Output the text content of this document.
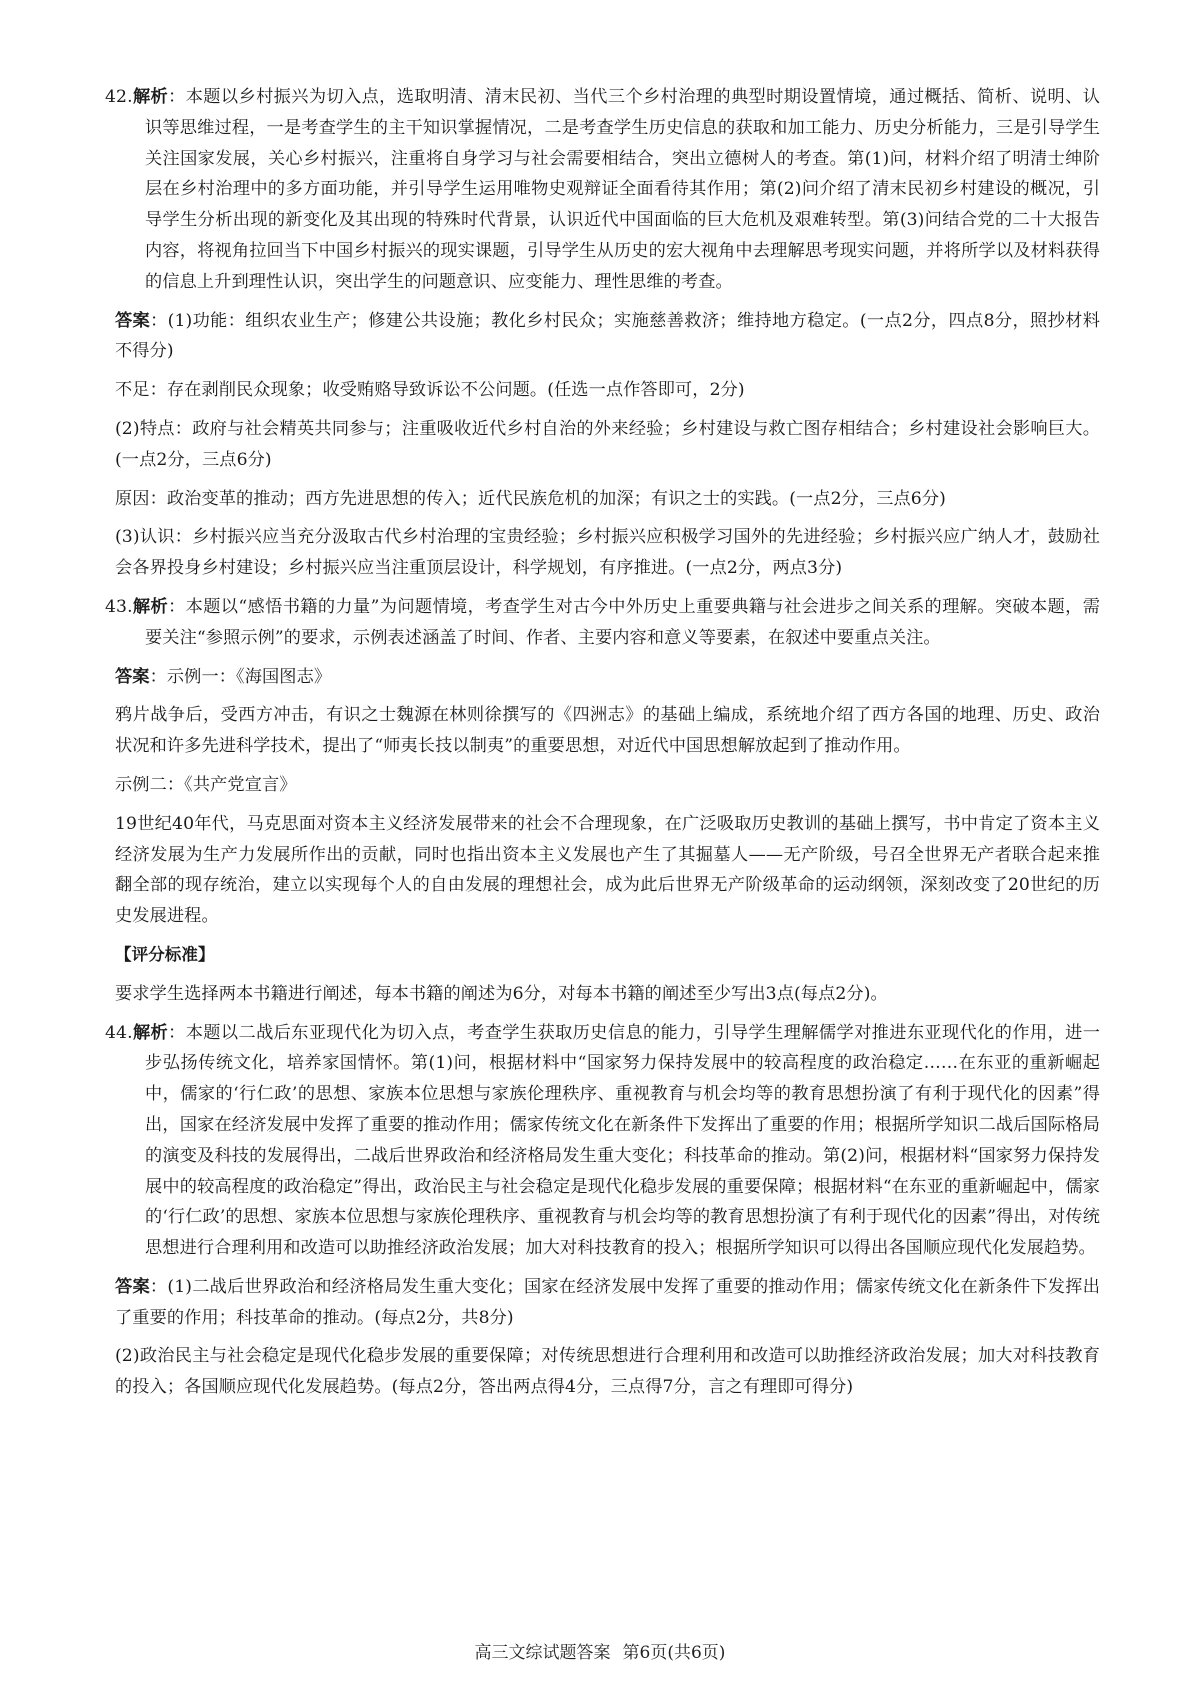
42.解析：本题以乡村振兴为切入点，选取明清、清末民初、当代三个乡村治理的典型时期设置情境，通过概括、简析、说明、认识等思维过程，一是考查学生的主干知识掌握情况，二是考查学生历史信息的获取和加工能力、历史分析能力，三是引导学生关注国家发展，关心乡村振兴，注重将自身学习与社会需要相结合，突出立德树人的考查。第(1)问，材料介绍了明清士绅阶层在乡村治理中的多方面功能，并引导学生运用唯物史观辩证全面看待其作用；第(2)问介绍了清末民初乡村建设的概况，引导学生分析出现的新变化及其出现的特殊时代背景，认识近代中国面临的巨大危机及艰难转型。第(3)问结合党的二十大报告内容，将视角拉回当下中国乡村振兴的现实课题，引导学生从历史的宏大视角中去理解思考现实问题，并将所学以及材料获得的信息上升到理性认识，突出学生的问题意识、应变能力、理性思维的考查。

答案：(1)功能：组织农业生产；修建公共设施；教化乡村民众；实施慈善救济；维持地方稳定。(一点2分，四点8分，照抄材料不得分)

不足：存在剥削民众现象；收受贿赂导致诉讼不公问题。(任选一点作答即可，2分)

(2)特点：政府与社会精英共同参与；注重吸收近代乡村自治的外来经验；乡村建设与救亡图存相结合；乡村建设社会影响巨大。(一点2分，三点6分)

原因：政治变革的推动；西方先进思想的传入；近代民族危机的加深；有识之士的实践。(一点2分，三点6分)

(3)认识：乡村振兴应当充分汲取古代乡村治理的宝贵经验；乡村振兴应积极学习国外的先进经验；乡村振兴应广纳人才，鼓励社会各界投身乡村建设；乡村振兴应当注重顶层设计，科学规划，有序推进。(一点2分，两点3分)

43.解析：本题以“感悟书籍的力量”为问题情境，考查学生对古今中外历史上重要典籍与社会进步之间关系的理解。突破本题，需要关注“参照示例”的要求，示例表述涵盖了时间、作者、主要内容和意义等要素，在叙述中要重点关注。

答案：示例一：《海国图志》

鸦片战争后，受西方冲击，有识之士魏源在林则徐撰写的《四洲志》的基础上编成，系统地介绍了西方各国的地理、历史、政治状况和许多先进科学技术，提出了“师夷长技以制夷”的重要思想，对近代中国思想解放起到了推动作用。

示例二：《共产党宣言》

19世纪40年代，马克思面对资本主义经济发展带来的社会不合理现象，在广泛吸取历史教训的基础上撰写，书中肯定了资本主义经济发展为生产力发展所作出的贡献，同时也指出资本主义发展也产生了其掘墓人——无产阶级，号召全世界无产者联合起来推翻全部的现存统治，建立以实现每个人的自由发展的理想社会，成为此后世界无产阶级革命的运动纲领，深刻改变了20世纪的历史发展进程。

【评分标准】

要求学生选择两本书籍进行阐述，每本书籍的阐述为6分，对每本书籍的阐述至少写出3点(每点2分)。

44.解析：本题以二战后东亚现代化为切入点，考查学生获取历史信息的能力，引导学生理解儒学对推进东亚现代化的作用，进一步弘扬传统文化，培养家国情怀。第(1)问，根据材料中“国家努力保持发展中的较高程度的政治稳定……在东亚的重新崛起中，儒家的‘行仁政’的思想、家族本位思想与家族伦理秩序、重视教育与机会均等的教育思想扮演了有利于现代化的因素”得出，国家在经济发展中发挥了重要的推动作用；儒家传统文化在新条件下发挥出了重要的作用；根据所学知识二战后国际格局的演变及科技的发展得出，二战后世界政治和经济格局发生重大变化；科技革命的推动。第(2)问，根据材料“国家努力保持发展中的较高程度的政治稳定”得出，政治民主与社会稳定是现代化稳步发展的重要保障；根据材料“在东亚的重新崛起中，儒家的‘行仁政’的思想、家族本位思想与家族伦理秩序、重视教育与机会均等的教育思想扮演了有利于现代化的因素”得出，对传统思想进行合理利用和改造可以助推经济政治发展；加大对科技教育的投入；根据所学知识可以得出各国顺应现代化发展趋势。

答案：(1)二战后世界政治和经济格局发生重大变化；国家在经济发展中发挥了重要的推动作用；儒家传统文化在新条件下发挥出了重要的作用；科技革命的推动。(每点2分，共8分)

(2)政治民主与社会稳定是现代化稳步发展的重要保障；对传统思想进行合理利用和改造可以助推经济政治发展；加大对科技教育的投入；各国顺应现代化发展趋势。(每点2分，答出两点得4分，三点得7分，言之有理即可得分)

高三文综试题答案 第6页(共6页)
